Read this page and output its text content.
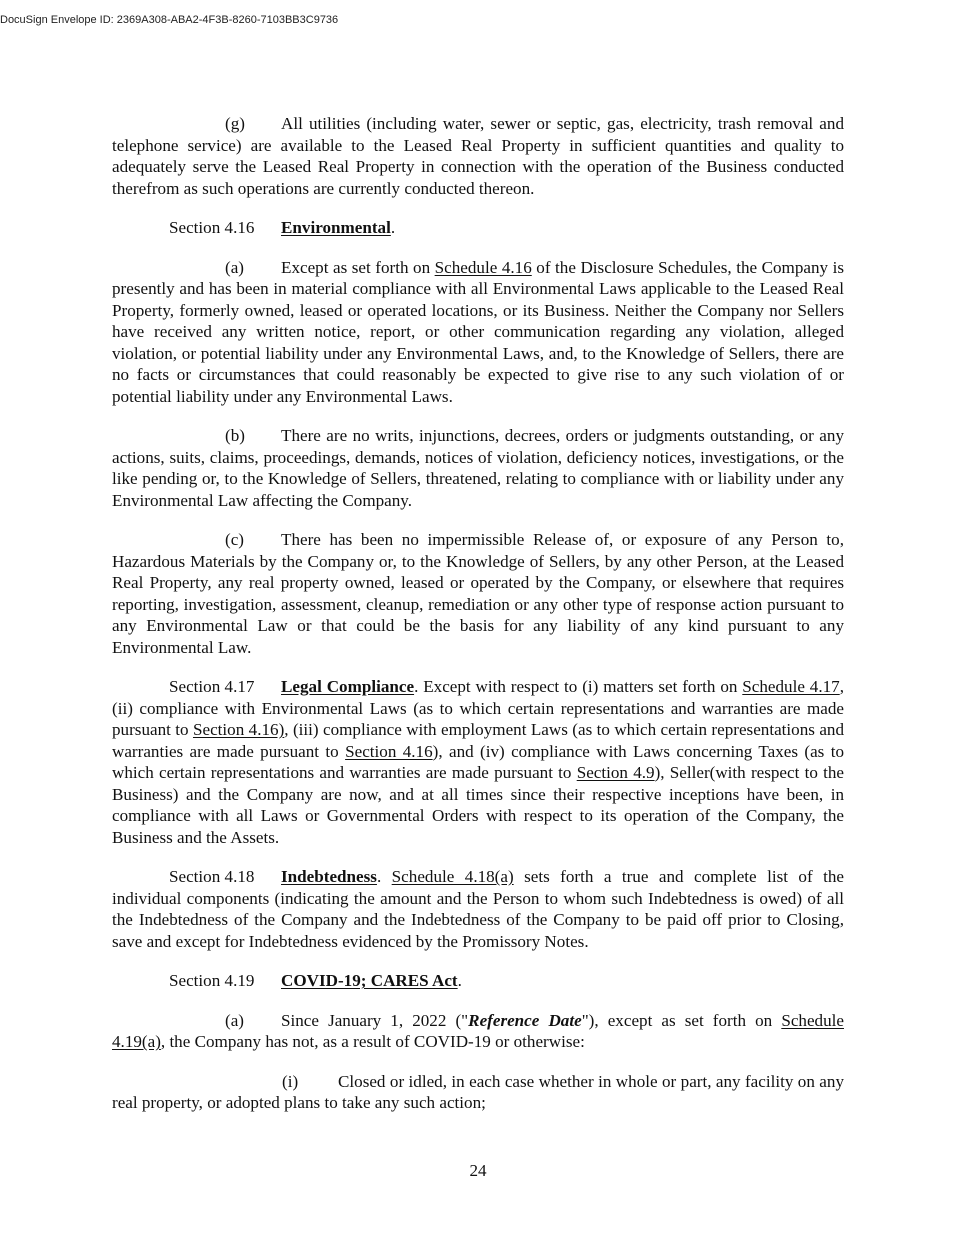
DocuSign Envelope ID: 2369A308-ABA2-4F3B-8260-7103BB3C9736

(g) All utilities (including water, sewer or septic, gas, electricity, trash removal and telephone service) are available to the Leased Real Property in sufficient quantities and quality to adequately serve the Leased Real Property in connection with the operation of the Business conducted therefrom as such operations are currently conducted thereon.

Section 4.16 Environmental.

(a) Except as set forth on Schedule 4.16 of the Disclosure Schedules, the Company is presently and has been in material compliance with all Environmental Laws applicable to the Leased Real Property, formerly owned, leased or operated locations, or its Business. Neither the Company nor Sellers have received any written notice, report, or other communication regarding any violation, alleged violation, or potential liability under any Environmental Laws, and, to the Knowledge of Sellers, there are no facts or circumstances that could reasonably be expected to give rise to any such violation of or potential liability under any Environmental Laws.

(b) There are no writs, injunctions, decrees, orders or judgments outstanding, or any actions, suits, claims, proceedings, demands, notices of violation, deficiency notices, investigations, or the like pending or, to the Knowledge of Sellers, threatened, relating to compliance with or liability under any Environmental Law affecting the Company.

(c) There has been no impermissible Release of, or exposure of any Person to, Hazardous Materials by the Company or, to the Knowledge of Sellers, by any other Person, at the Leased Real Property, any real property owned, leased or operated by the Company, or elsewhere that requires reporting, investigation, assessment, cleanup, remediation or any other type of response action pursuant to any Environmental Law or that could be the basis for any liability of any kind pursuant to any Environmental Law.

Section 4.17 Legal Compliance. Except with respect to (i) matters set forth on Schedule 4.17, (ii) compliance with Environmental Laws (as to which certain representations and warranties are made pursuant to Section 4.16), (iii) compliance with employment Laws (as to which certain representations and warranties are made pursuant to Section 4.16), and (iv) compliance with Laws concerning Taxes (as to which certain representations and warranties are made pursuant to Section 4.9), Seller(with respect to the Business) and the Company are now, and at all times since their respective inceptions have been, in compliance with all Laws or Governmental Orders with respect to its operation of the Company, the Business and the Assets.

Section 4.18 Indebtedness. Schedule 4.18(a) sets forth a true and complete list of the individual components (indicating the amount and the Person to whom such Indebtedness is owed) of all the Indebtedness of the Company and the Indebtedness of the Company to be paid off prior to Closing, save and except for Indebtedness evidenced by the Promissory Notes.

Section 4.19 COVID-19; CARES Act.

(a) Since January 1, 2022 ("Reference Date"), except as set forth on Schedule 4.19(a), the Company has not, as a result of COVID-19 or otherwise:

(i) Closed or idled, in each case whether in whole or part, any facility on any real property, or adopted plans to take any such action;

24
